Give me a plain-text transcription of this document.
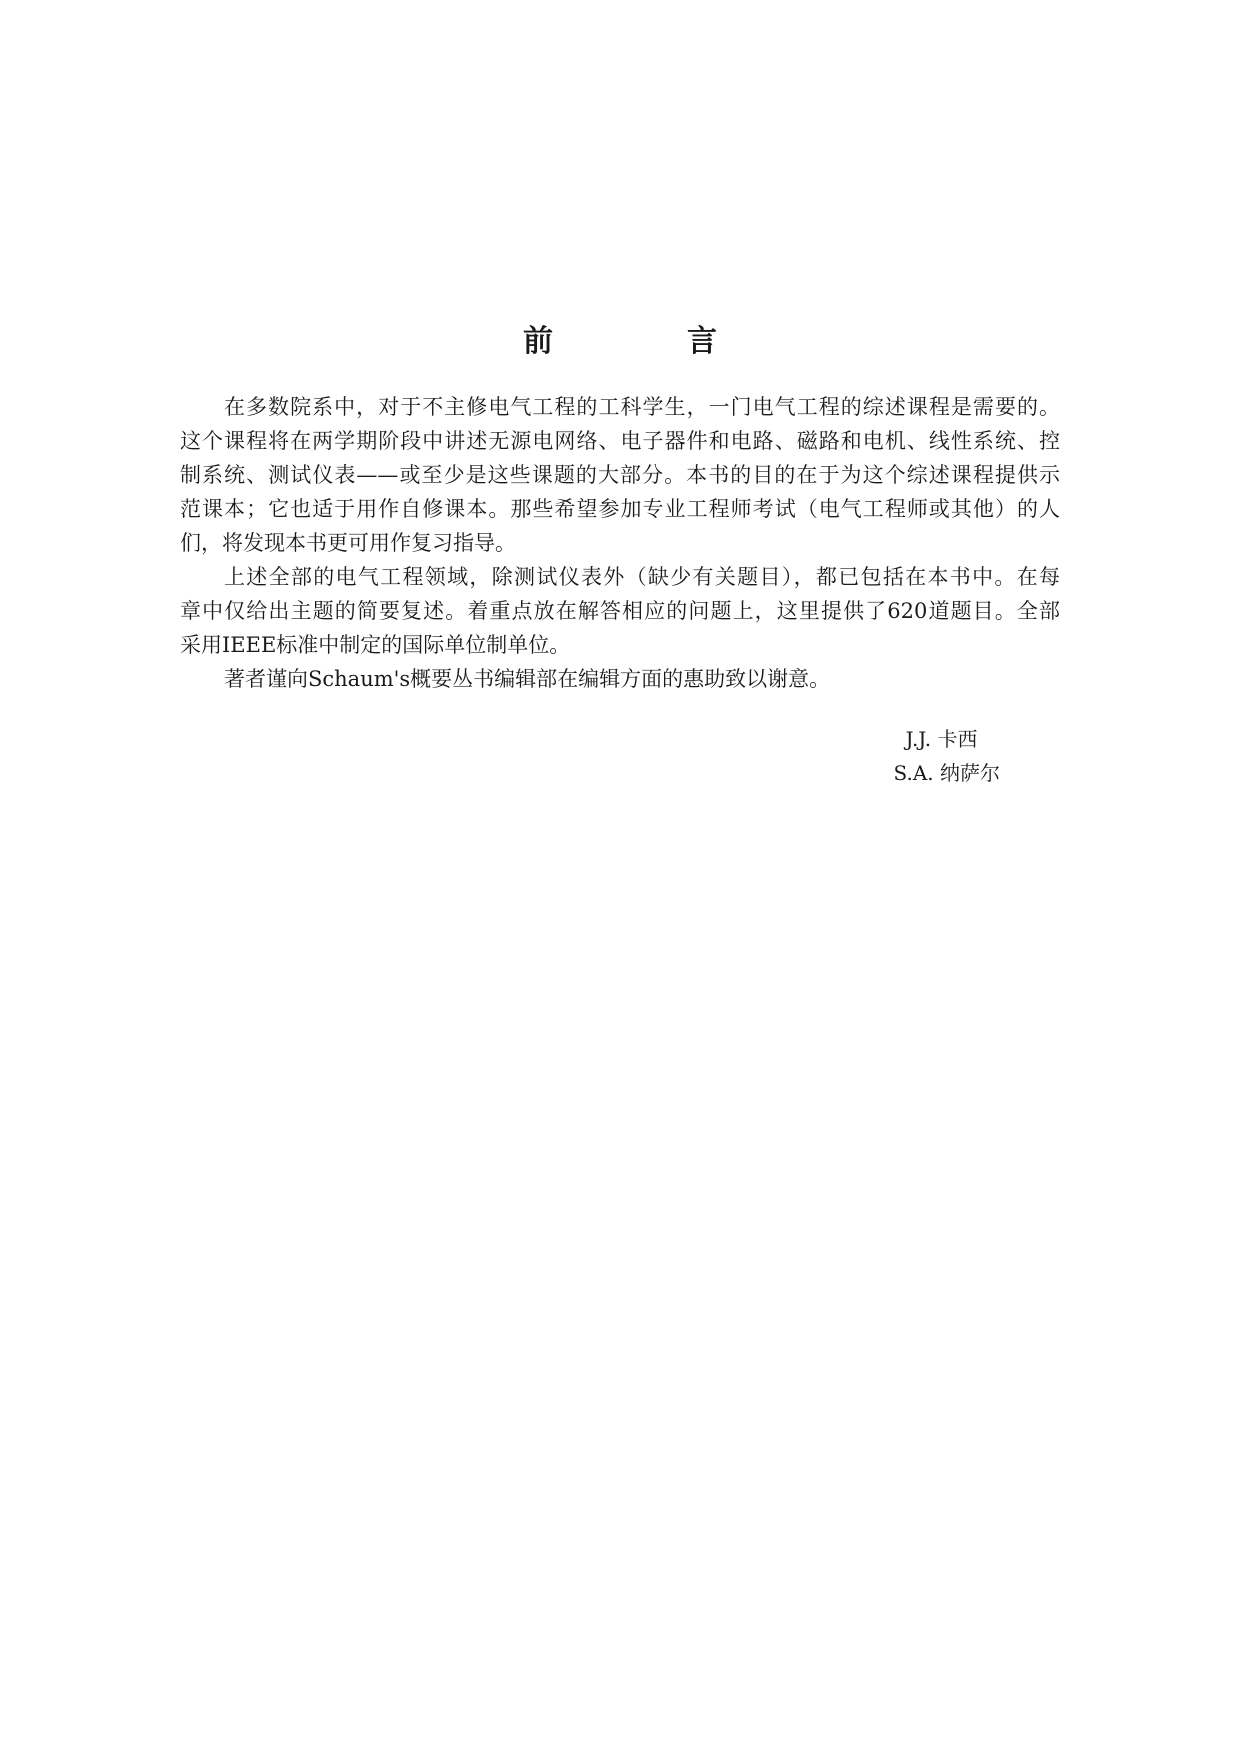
前　言
在多数院系中，对于不主修电气工程的工科学生，一门电气工程的综述课程是需要的。
这个课程将在两学期阶段中讲述无源电网络、电子器件和电路、磁路和电机、线性系统、控
制系统、测试仪表——或至少是这些课题的大部分。本书的目的在于为这个综述课程提供示
范课本；它也适于用作自修课本。那些希望参加专业工程师考试（电气工程师或其他）的人
们，将发现本书更可用作复习指导。
上述全部的电气工程领域，除测试仪表外（缺少有关题目），都已包括在本书中。在每
章中仅给出主题的简要复述。着重点放在解答相应的问题上，这里提供了620道题目。全部
采用IEEE标准中制定的国际单位制单位。
著者谨向Schaum's概要丛书编辑部在编辑方面的惠助致以谢意。
J.J. 卡西
S.A. 纳萨尔
